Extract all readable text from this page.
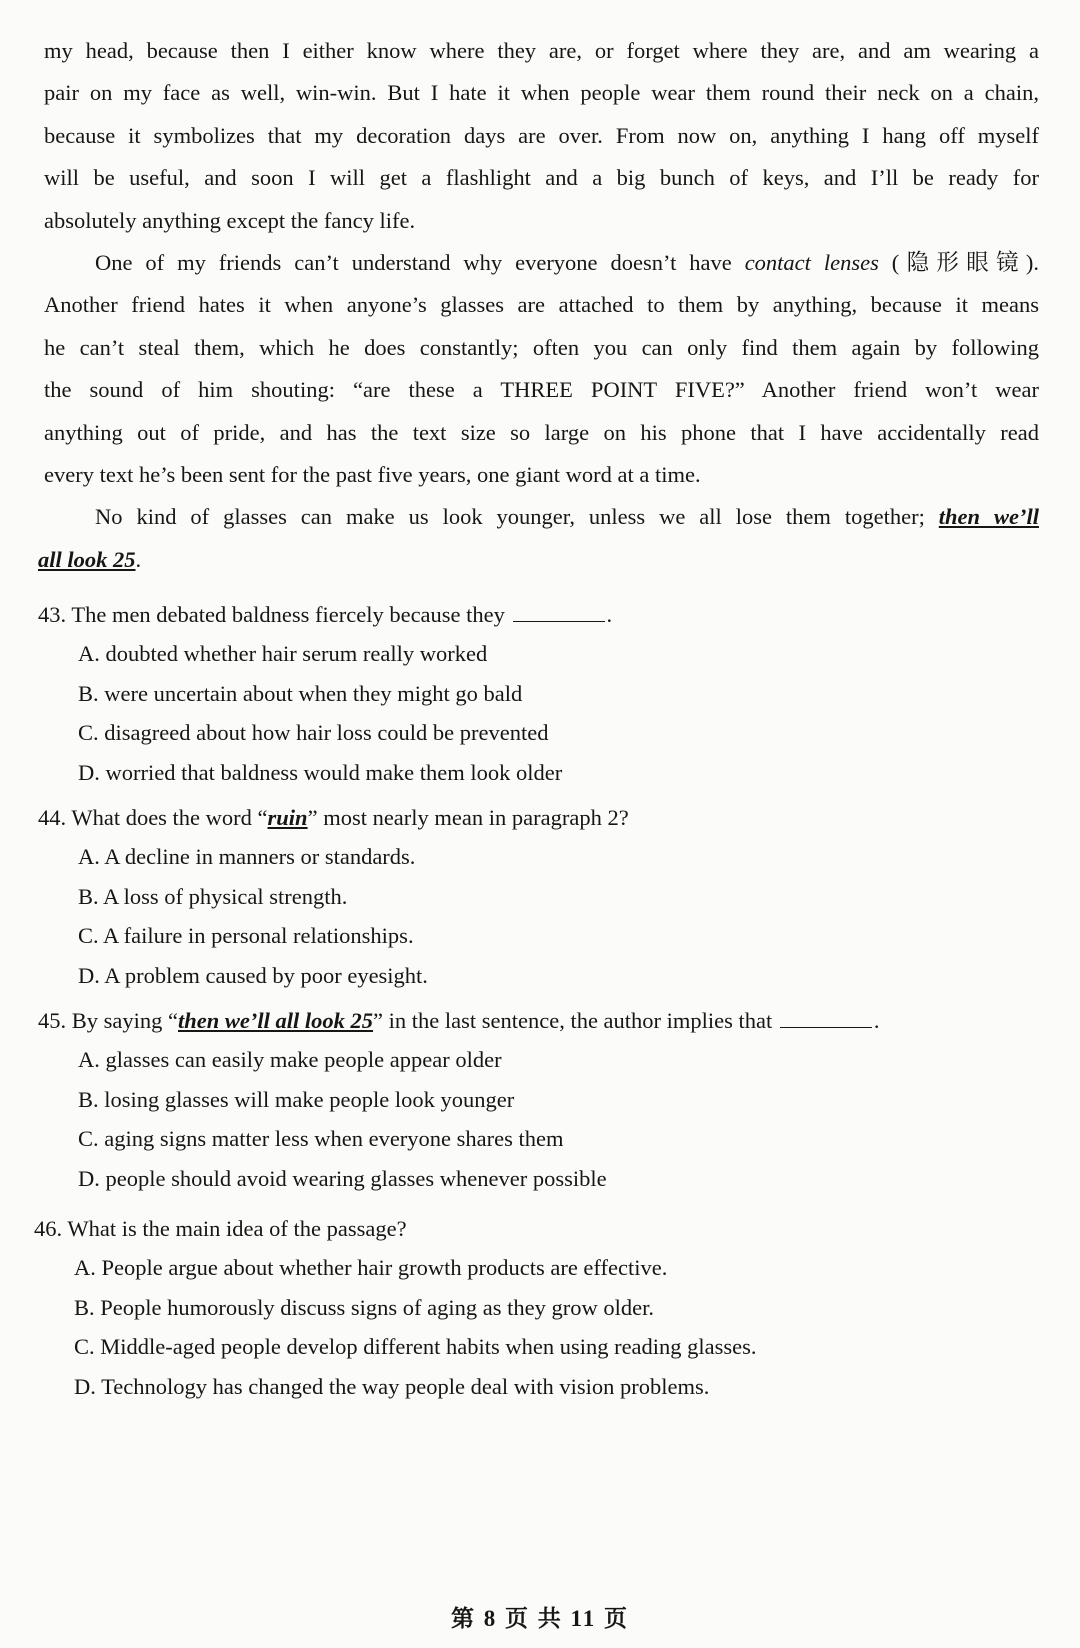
my head, because then I either know where they are, or forget where they are, and am wearing a

pair on my face as well, win-win. But I hate it when people wear them round their neck on a chain,

because it symbolizes that my decoration days are over. From now on, anything I hang off myself

will be useful, and soon I will get a flashlight and a big bunch of keys, and I’ll be ready for

absolutely anything except the fancy life.

One of my friends can’t understand why everyone doesn’t have contact lenses (隐形眼镜).

Another friend hates it when anyone’s glasses are attached to them by anything, because it means

he can’t steal them, which he does constantly; often you can only find them again by following

the sound of him shouting: “are these a THREE POINT FIVE?” Another friend won’t wear

anything out of pride, and has the text size so large on his phone that I have accidentally read

every text he’s been sent for the past five years, one giant word at a time.

No kind of glasses can make us look younger, unless we all lose them together; then we’ll

all look 25.

43. The men debated baldness fiercely because they	.

A. doubted whether hair serum really worked

B. were uncertain about when they might go bald

C. disagreed about how hair loss could be prevented

D. worried that baldness would make them look older

44. What does the word “ruin” most nearly mean in paragraph 2?

A. A decline in manners or standards.

B. A loss of physical strength.

C. A failure in personal relationships.

D. A problem caused by poor eyesight.

45. By saying “then we’ll all look 25” in the last sentence, the author implies that	.

A. glasses can easily make people appear older

B. losing glasses will make people look younger

C. aging signs matter less when everyone shares them

D. people should avoid wearing glasses whenever possible

46. What is the main idea of the passage?

A. People argue about whether hair growth products are effective.

B. People humorously discuss signs of aging as they grow older.

C. Middle-aged people develop different habits when using reading glasses.

D. Technology has changed the way people deal with vision problems.

第 8 页 共 11 页
